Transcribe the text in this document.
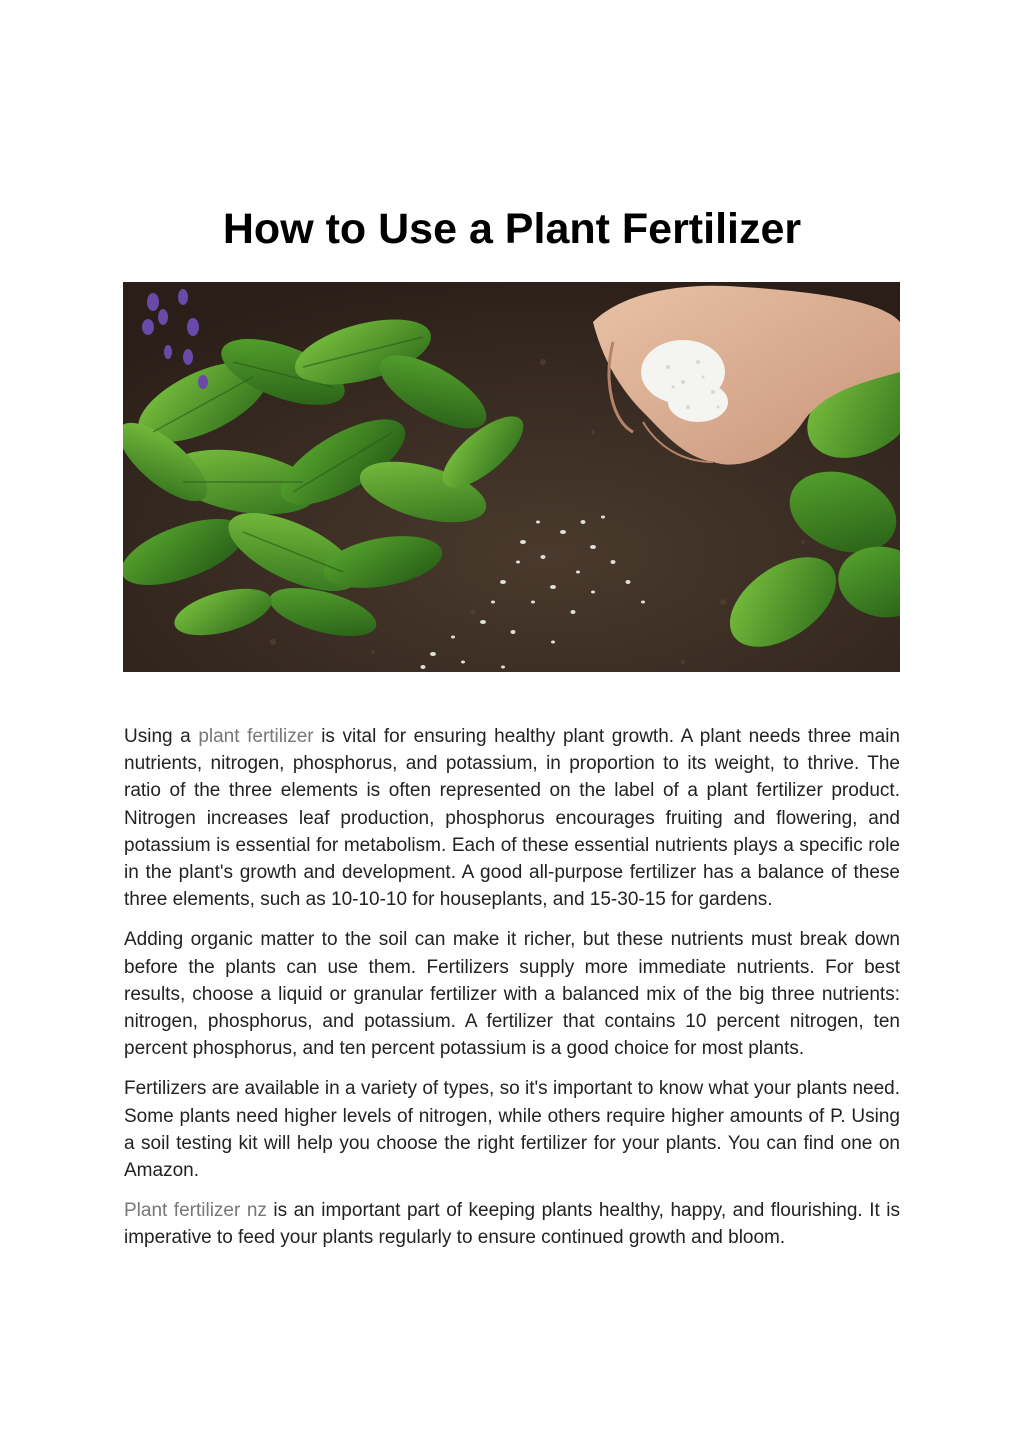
How to Use a Plant Fertilizer

Using a plant fertilizer is vital for ensuring healthy plant growth. A plant needs three main nutrients, nitrogen, phosphorus, and potassium, in proportion to its weight, to thrive. The ratio of the three elements is often represented on the label of a plant fertilizer product. Nitrogen increases leaf production, phosphorus encourages fruiting and flowering, and potassium is essential for metabolism. Each of these essential nutrients plays a specific role in the plant's growth and development. A good all-purpose fertilizer has a balance of these three elements, such as 10-10-10 for houseplants, and 15-30-15 for gardens.

Adding organic matter to the soil can make it richer, but these nutrients must break down before the plants can use them. Fertilizers supply more immediate nutrients. For best results, choose a liquid or granular fertilizer with a balanced mix of the big three nutrients: nitrogen, phosphorus, and potassium. A fertilizer that contains 10 percent nitrogen, ten percent phosphorus, and ten percent potassium is a good choice for most plants.

Fertilizers are available in a variety of types, so it's important to know what your plants need. Some plants need higher levels of nitrogen, while others require higher amounts of P. Using a soil testing kit will help you choose the right fertilizer for your plants. You can find one on Amazon.

Plant fertilizer nz is an important part of keeping plants healthy, happy, and flourishing. It is imperative to feed your plants regularly to ensure continued growth and bloom.
